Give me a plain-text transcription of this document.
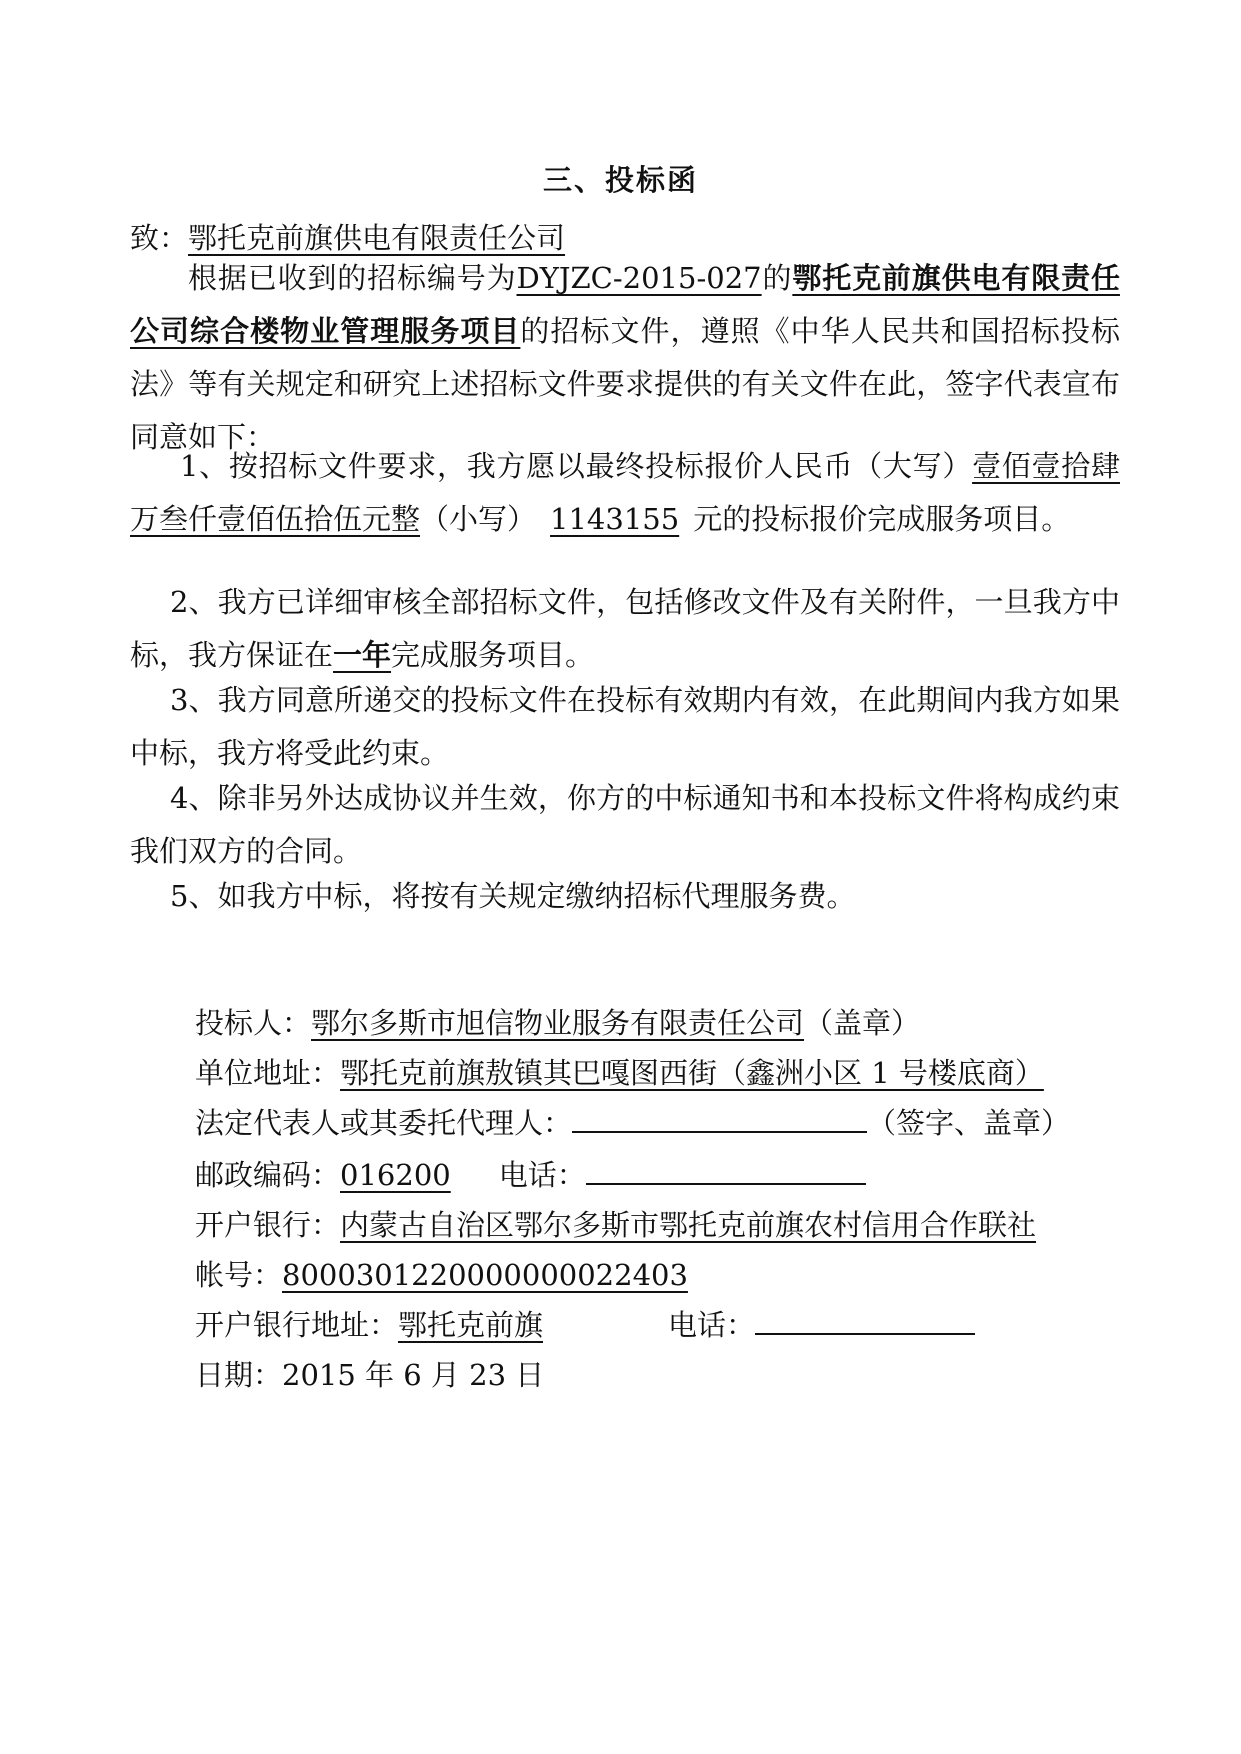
三、投标函

致：鄂托克前旗供电有限责任公司

根据已收到的招标编号为DYJZC-2015-027的鄂托克前旗供电有限责任公司综合楼物业管理服务项目的招标文件，遵照《中华人民共和国招标投标法》等有关规定和研究上述招标文件要求提供的有关文件在此，签字代表宣布同意如下：

1、按招标文件要求，我方愿以最终投标报价人民币（大写）壹佰壹拾肆万叁仟壹佰伍拾伍元整（小写） 1143155 元的投标报价完成服务项目。

2、我方已详细审核全部招标文件，包括修改文件及有关附件，一旦我方中标，我方保证在一年完成服务项目。

3、我方同意所递交的投标文件在投标有效期内有效，在此期间内我方如果中标，我方将受此约束。

4、除非另外达成协议并生效，你方的中标通知书和本投标文件将构成约束我们双方的合同。

5、如我方中标，将按有关规定缴纳招标代理服务费。

投标人：鄂尔多斯市旭信物业服务有限责任公司（盖章）
单位地址：鄂托克前旗敖镇其巴嘎图西街（鑫洲小区 1 号楼底商）
法定代表人或其委托代理人：	（签字、盖章）
邮政编码：016200 电话：
开户银行：内蒙古自治区鄂尔多斯市鄂托克前旗农村信用合作联社
帐号：8000301220000000022403
开户银行地址：鄂托克前旗	电话：
日期：2015 年 6 月 23 日
